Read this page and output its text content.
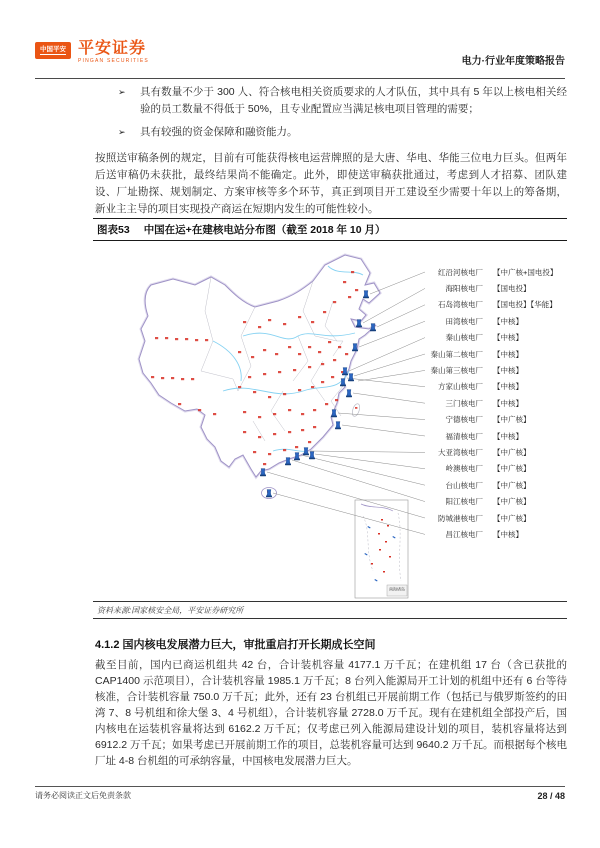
中国平安 平安证券
PINGAN SECURITIES	电力·行业年度策略报告
➢	具有数量不少于 300 人、符合核电相关资质要求的人才队伍，其中具有 5 年以上核电相关经验的员工数量不得低于 50%，且专业配置应当满足核电项目管理的需要；
➢	具有较强的资金保障和融资能力。
按照送审稿条例的规定，目前有可能获得核电运营牌照的是大唐、华电、华能三位电力巨头。但两年后送审稿仍未获批，最终结果尚不能确定。此外，即使送审稿获批通过，考虑到人才招募、团队建设、厂址勘探、规划制定、方案审核等多个环节，真正到项目开工建设至少需要十年以上的筹备期，新业主主导的项目实现投产商运在短期内发生的可能性较小。
图表53 中国在运+在建核电站分布图（截至 2018 年 10 月）
南海诸岛
红沿河核电厂	【中广核+国电投】
海阳核电厂	【国电投】
石岛湾核电厂	【国电投】【华能】
田湾核电厂	【中核】
秦山核电厂	【中核】
秦山第二核电厂	【中核】
秦山第三核电厂	【中核】
方家山核电厂	【中核】
三门核电厂	【中核】
宁德核电厂	【中广核】
福清核电厂	【中核】
大亚湾核电厂	【中广核】
岭澳核电厂	【中广核】
台山核电厂	【中广核】
阳江核电厂	【中广核】
防城港核电厂	【中广核】
昌江核电厂	【中核】
资料来源:国家核安全局，平安证券研究所
4.1.2 国内核电发展潜力巨大，审批重启打开长期成长空间
截至目前，国内已商运机组共 42 台，合计装机容量 4177.1 万千瓦；在建机组 17 台（含已获批的 CAP1400 示范项目），合计装机容量 1985.1 万千瓦；8 台列入能源局开工计划的机组中还有 6 台等待核准，合计装机容量 750.0 万千瓦；此外，还有 23 台机组已开展前期工作（包括已与俄罗斯签约的田湾 7、8 号机组和徐大堡 3、4 号机组），合计装机容量 2728.0 万千瓦。现有在建机组全部投产后，国内核电在运装机容量将达到 6162.2 万千瓦；仅考虑已列入能源局建设计划的项目，装机容量将达到 6912.2 万千瓦；如果考虑已开展前期工作的项目，总装机容量可达到 9640.2 万千瓦。而根据每个核电厂址 4-8 台机组的可承纳容量，中国核电发展潜力巨大。
请务必阅读正文后免责条款	28 / 48
